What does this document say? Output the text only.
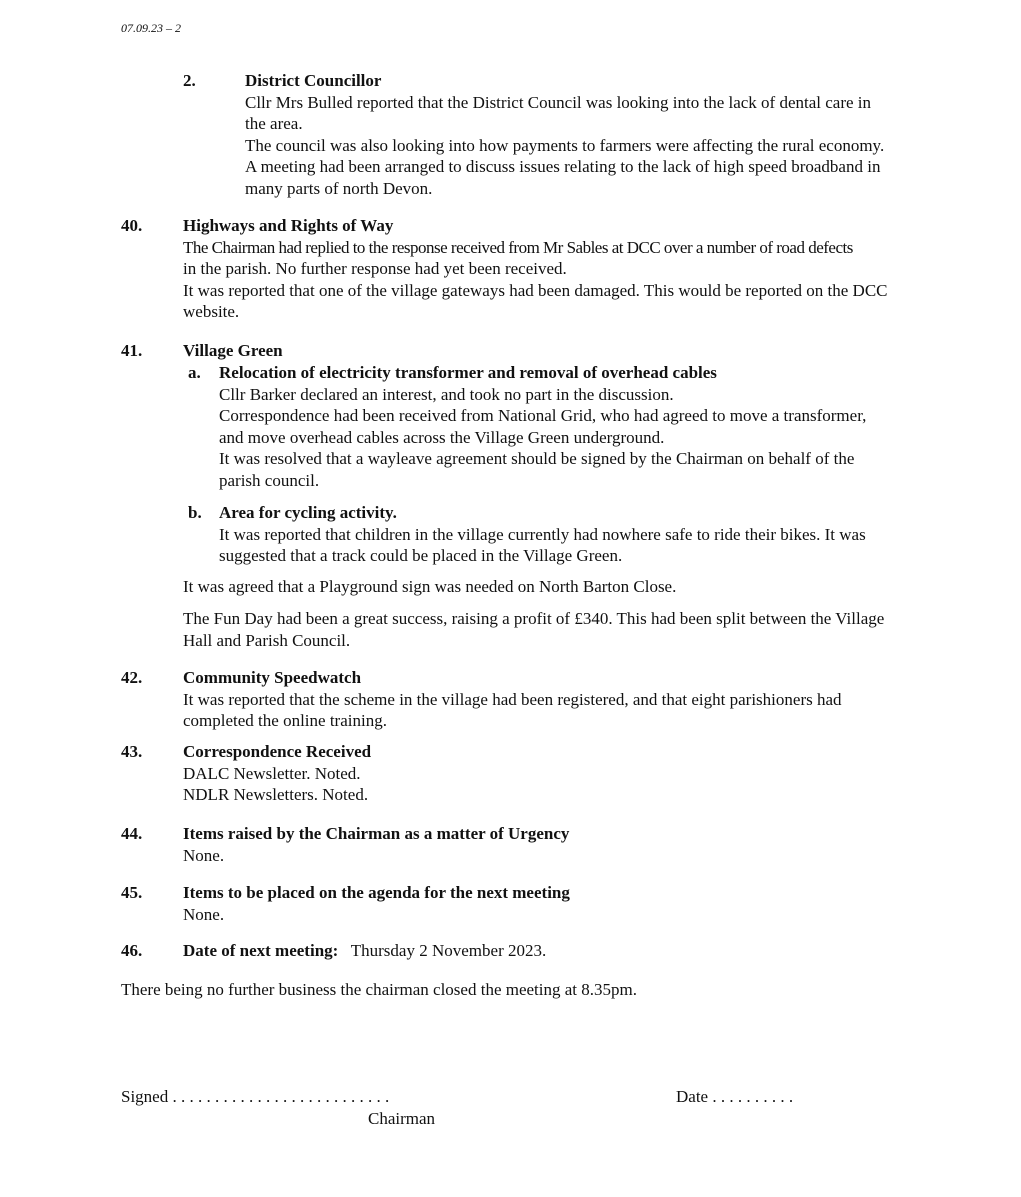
07.09.23 – 2
2.	District Councillor

Cllr Mrs Bulled reported that the District Council was looking into the lack of dental care in

the area.

The council was also looking into how payments to farmers were affecting the rural economy.

A meeting had been arranged to discuss issues relating to the lack of high speed broadband in

many parts of north Devon.

40. Highways and Rights of Way

The Chairman had replied to the response received from Mr Sables at DCC over a number of road defects

in the parish. No further response had yet been received.

It was reported that one of the village gateways had been damaged. This would be reported on the DCC

website.

41. Village Green

a. Relocation of electricity transformer and removal of overhead cables

Cllr Barker declared an interest, and took no part in the discussion.

Correspondence had been received from National Grid, who had agreed to move a transformer,

and move overhead cables across the Village Green underground.

It was resolved that a wayleave agreement should be signed by the Chairman on behalf of the

parish council.

b. Area for cycling activity.

It was reported that children in the village currently had nowhere safe to ride their bikes. It was

suggested that a track could be placed in the Village Green.

It was agreed that a Playground sign was needed on North Barton Close.

The Fun Day had been a great success, raising a profit of £340. This had been split between the Village

Hall and Parish Council.

42. Community Speedwatch

It was reported that the scheme in the village had been registered, and that eight parishioners had

completed the online training.

43. Correspondence Received

DALC Newsletter. Noted.

NDLR Newsletters. Noted.

44. Items raised by the Chairman as a matter of Urgency

None.

45. Items to be placed on the agenda for the next meeting

None.

46. Date of next meeting: Thursday 2 November 2023.

There being no further business the chairman closed the meeting at 8.35pm.
Signed . . . . . . . . . . . . . . . . . . . . . . . . . .
Chairman
Date . . . . . . . . . .
